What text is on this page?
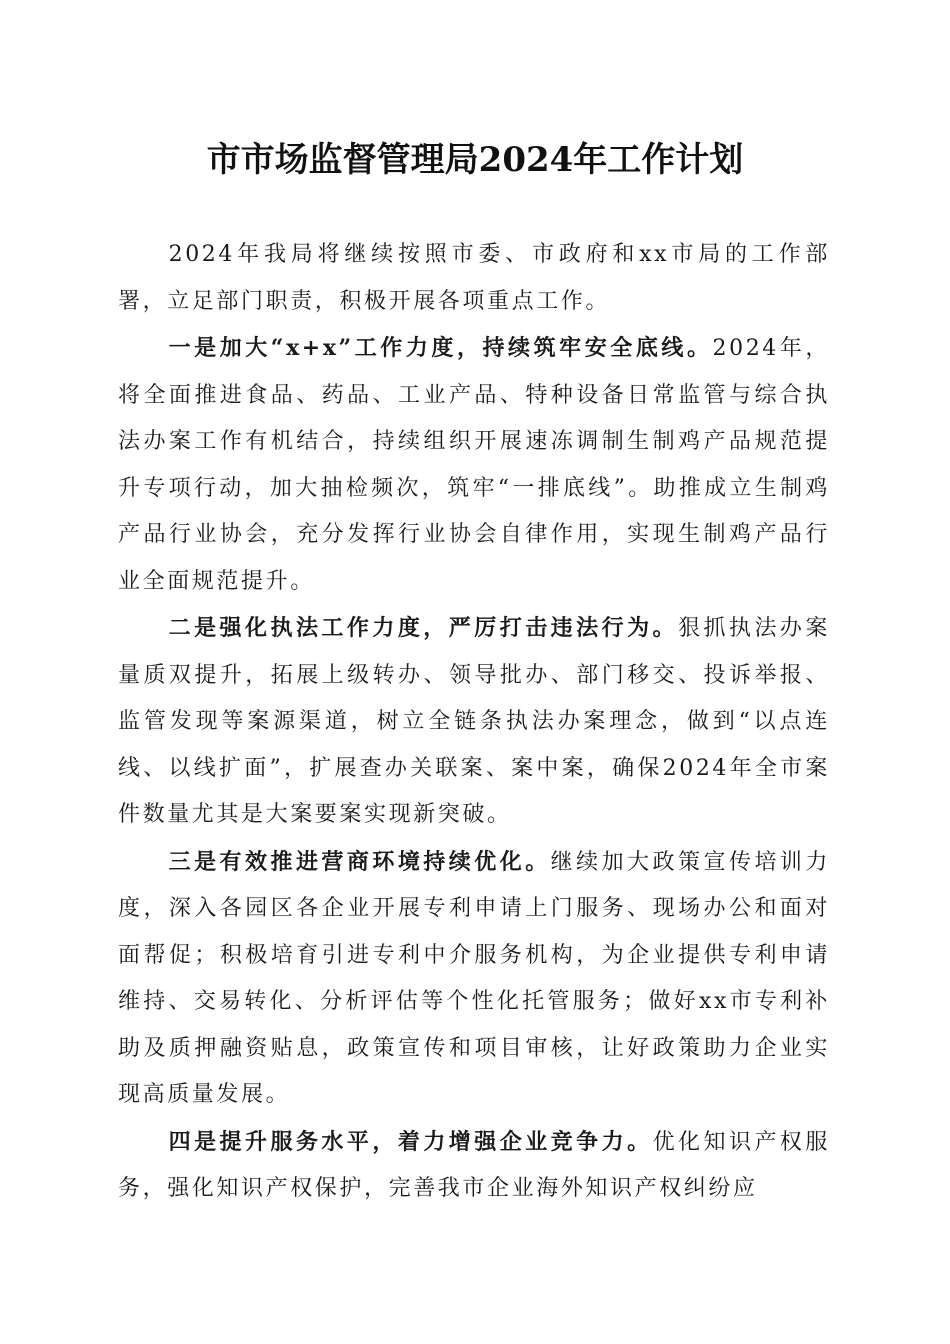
市市场监督管理局2024年工作计划

2024年我局将继续按照市委、市政府和xx市局的工作部署，立足部门职责，积极开展各项重点工作。

一是加大“x+x”工作力度，持续筑牢安全底线。2024年，将全面推进食品、药品、工业产品、特种设备日常监管与综合执法办案工作有机结合，持续组织开展速冻调制生制鸡产品规范提升专项行动，加大抽检频次，筑牢“一排底线”。助推成立生制鸡产品行业协会，充分发挥行业协会自律作用，实现生制鸡产品行业全面规范提升。

二是强化执法工作力度，严厉打击违法行为。狠抓执法办案量质双提升，拓展上级转办、领导批办、部门移交、投诉举报、监管发现等案源渠道，树立全链条执法办案理念，做到“以点连线、以线扩面”，扩展查办关联案、案中案，确保2024年全市案件数量尤其是大案要案实现新突破。

三是有效推进营商环境持续优化。继续加大政策宣传培训力度，深入各园区各企业开展专利申请上门服务、现场办公和面对面帮促；积极培育引进专利中介服务机构，为企业提供专利申请维持、交易转化、分析评估等个性化托管服务；做好xx市专利补助及质押融资贴息，政策宣传和项目审核，让好政策助力企业实现高质量发展。

四是提升服务水平，着力增强企业竞争力。优化知识产权服务，强化知识产权保护，完善我市企业海外知识产权纠纷应
